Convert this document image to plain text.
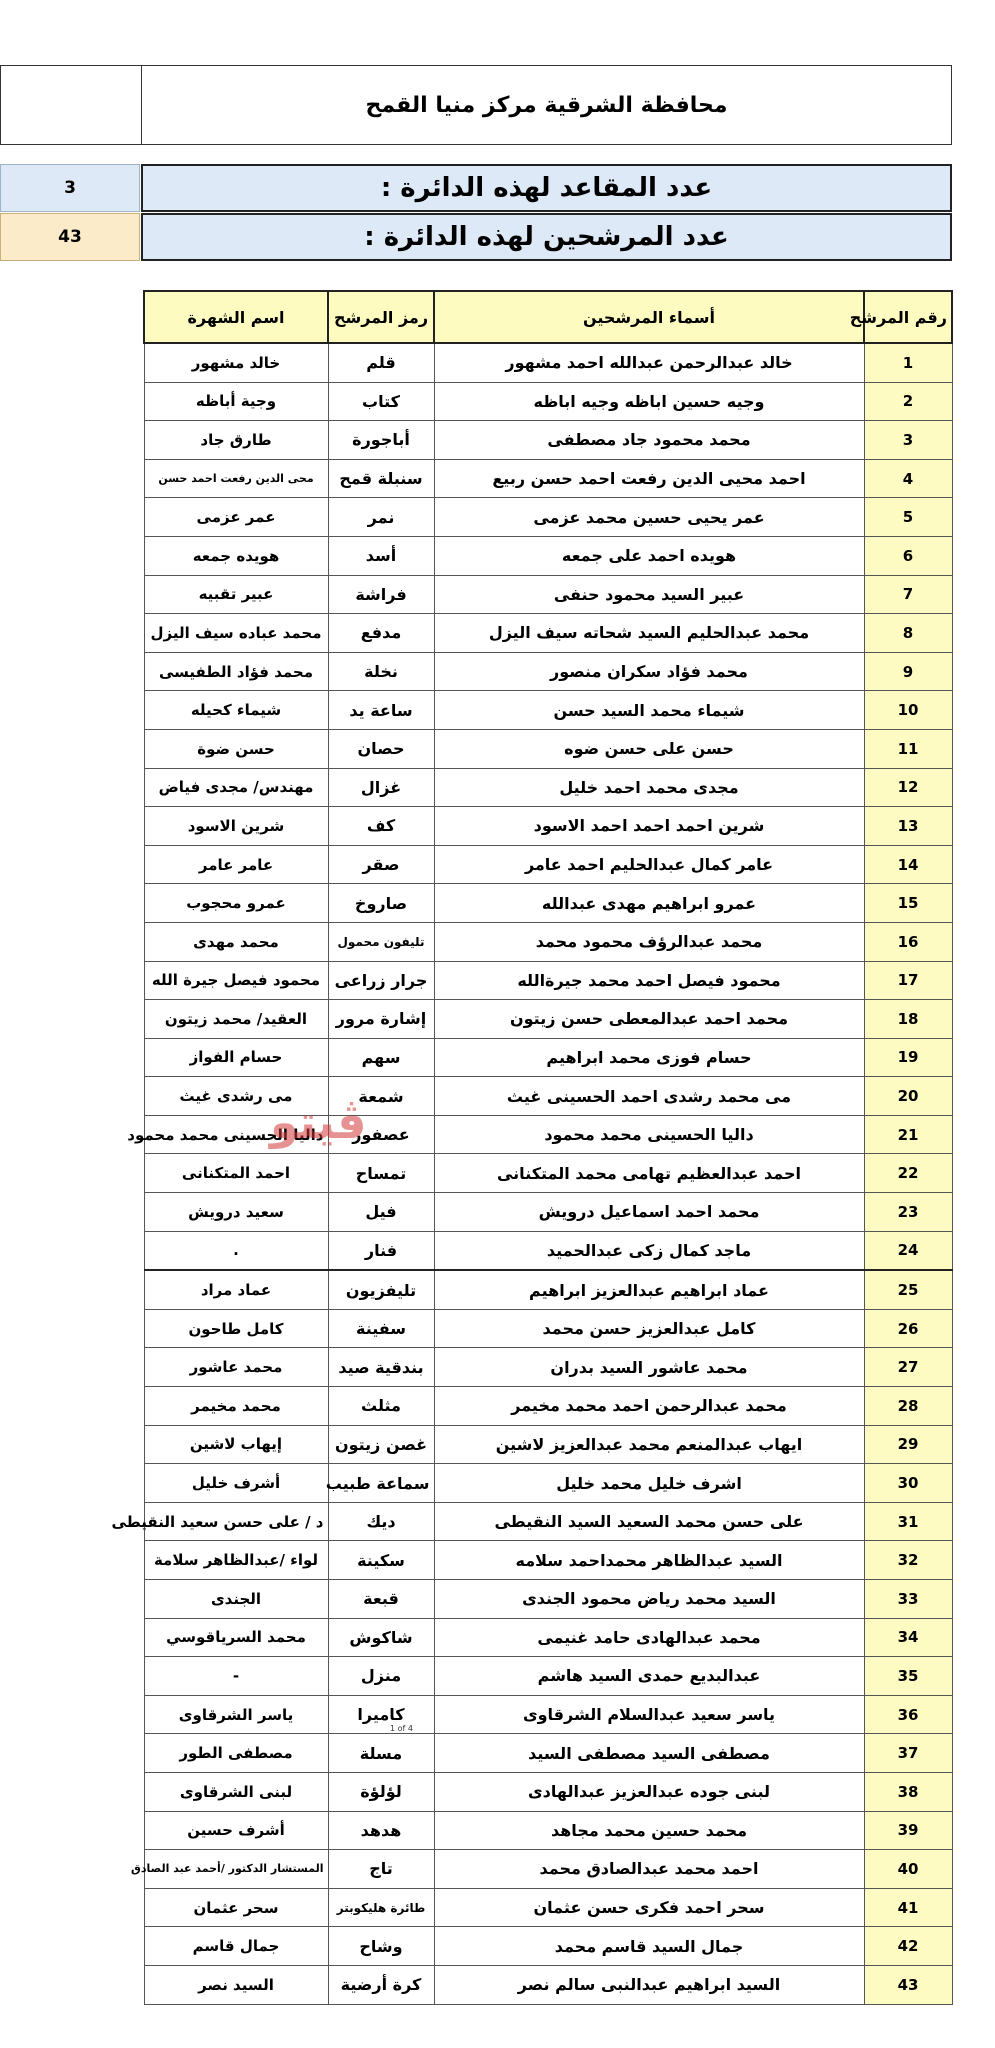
محافظة الشرقية مركز منيا القمح
3	عدد المقاعد لهذه الدائرة :
43	عدد المرشحين لهذه الدائرة :
رقم المرشح	أسماء المرشحين	رمز المرشح	اسم الشهرة
1	خالد عبدالرحمن عبدالله احمد مشهور	قلم	خالد مشهور
2	وجيه حسين اباظه وجيه اباظه	كتاب	وجية أباظه
3	محمد محمود جاد مصطفى	أباجورة	طارق جاد
4	احمد محيى الدين رفعت احمد حسن ربيع	سنبلة قمح	محى الدين رفعت احمد حسن
5	عمر يحيى حسين محمد عزمى	نمر	عمر عزمى
6	هويده احمد على جمعه	أسد	هويده جمعه
7	عبير السيد محمود حنفى	فراشة	عبير تقبيه
8	محمد عبدالحليم السيد شحاته سيف اليزل	مدفع	محمد عباده سيف اليزل
9	محمد فؤاد سكران منصور	نخلة	محمد فؤاد الطفيسى
10	شيماء محمد السيد حسن	ساعة يد	شيماء كحيله
11	حسن على حسن ضوه	حصان	حسن ضوة
12	مجدى محمد احمد خليل	غزال	مهندس/ مجدى فياض
13	شرين احمد احمد احمد الاسود	كف	شرين الاسود
14	عامر كمال عبدالحليم احمد عامر	صقر	عامر عامر
15	عمرو ابراهيم مهدى عبدالله	صاروخ	عمرو محجوب
16	محمد عبدالرؤف محمود محمد	تليفون محمول	محمد مهدى
17	محمود فيصل احمد محمد جيرةالله	جرار زراعى	محمود فيصل جيرة الله
18	محمد احمد عبدالمعطى حسن زيتون	إشارة مرور	العقيد/ محمد زيتون
19	حسام فوزى محمد ابراهيم	سهم	حسام الفواز
20	مى محمد رشدى احمد الحسينى غيث	شمعة	مى رشدى غيث
21	داليا الحسينى محمد محمود	عصفور	داليا الحسينى محمد محمود
22	احمد عبدالعظيم تهامى محمد المتكنانى	تمساح	احمد المتكنانى
23	محمد احمد اسماعيل درويش	فيل	سعيد درويش
24	ماجد كمال زكى عبدالحميد	فنار	.
25	عماد ابراهيم عبدالعزيز ابراهيم	تليفزيون	عماد مراد
26	كامل عبدالعزيز حسن محمد	سفينة	كامل طاحون
27	محمد عاشور السيد بدران	بندقية صيد	محمد عاشور
28	محمد عبدالرحمن احمد محمد مخيمر	مثلث	محمد مخيمر
29	ايهاب عبدالمنعم محمد عبدالعزيز لاشين	غصن زيتون	إيهاب لاشين
30	اشرف خليل محمد خليل	سماعة طبيب	أشرف خليل
31	على حسن محمد السعيد السيد النقيطى	ديك	د / على حسن سعيد النقيطى
32	السيد عبدالظاهر محمداحمد سلامه	سكينة	لواء /عبدالظاهر سلامة
33	السيد محمد رياض محمود الجندى	قبعة	الجندى
34	محمد عبدالهادى حامد غنيمى	شاكوش	محمد السرياقوسي
35	عبدالبديع حمدى السيد هاشم	منزل	-
36	ياسر سعيد عبدالسلام الشرقاوى	كاميرا	ياسر الشرقاوى
37	مصطفى السيد مصطفى السيد	مسلة	مصطفى الطور
38	لبنى جوده عبدالعزيز عبدالهادى	لؤلؤة	لبنى الشرقاوى
39	محمد حسين محمد مجاهد	هدهد	أشرف حسين
40	احمد محمد عبدالصادق محمد	تاج	المستشار الدكتور /أحمد عبد الصادق
41	سحر احمد فكرى حسن عثمان	طائرة هليكوبتر	سحر عثمان
42	جمال السيد قاسم محمد	وشاح	جمال قاسم
43	السيد ابراهيم عبدالنبى سالم نصر	كرة أرضية	السيد نصر
ڤيتو
1 of 4
